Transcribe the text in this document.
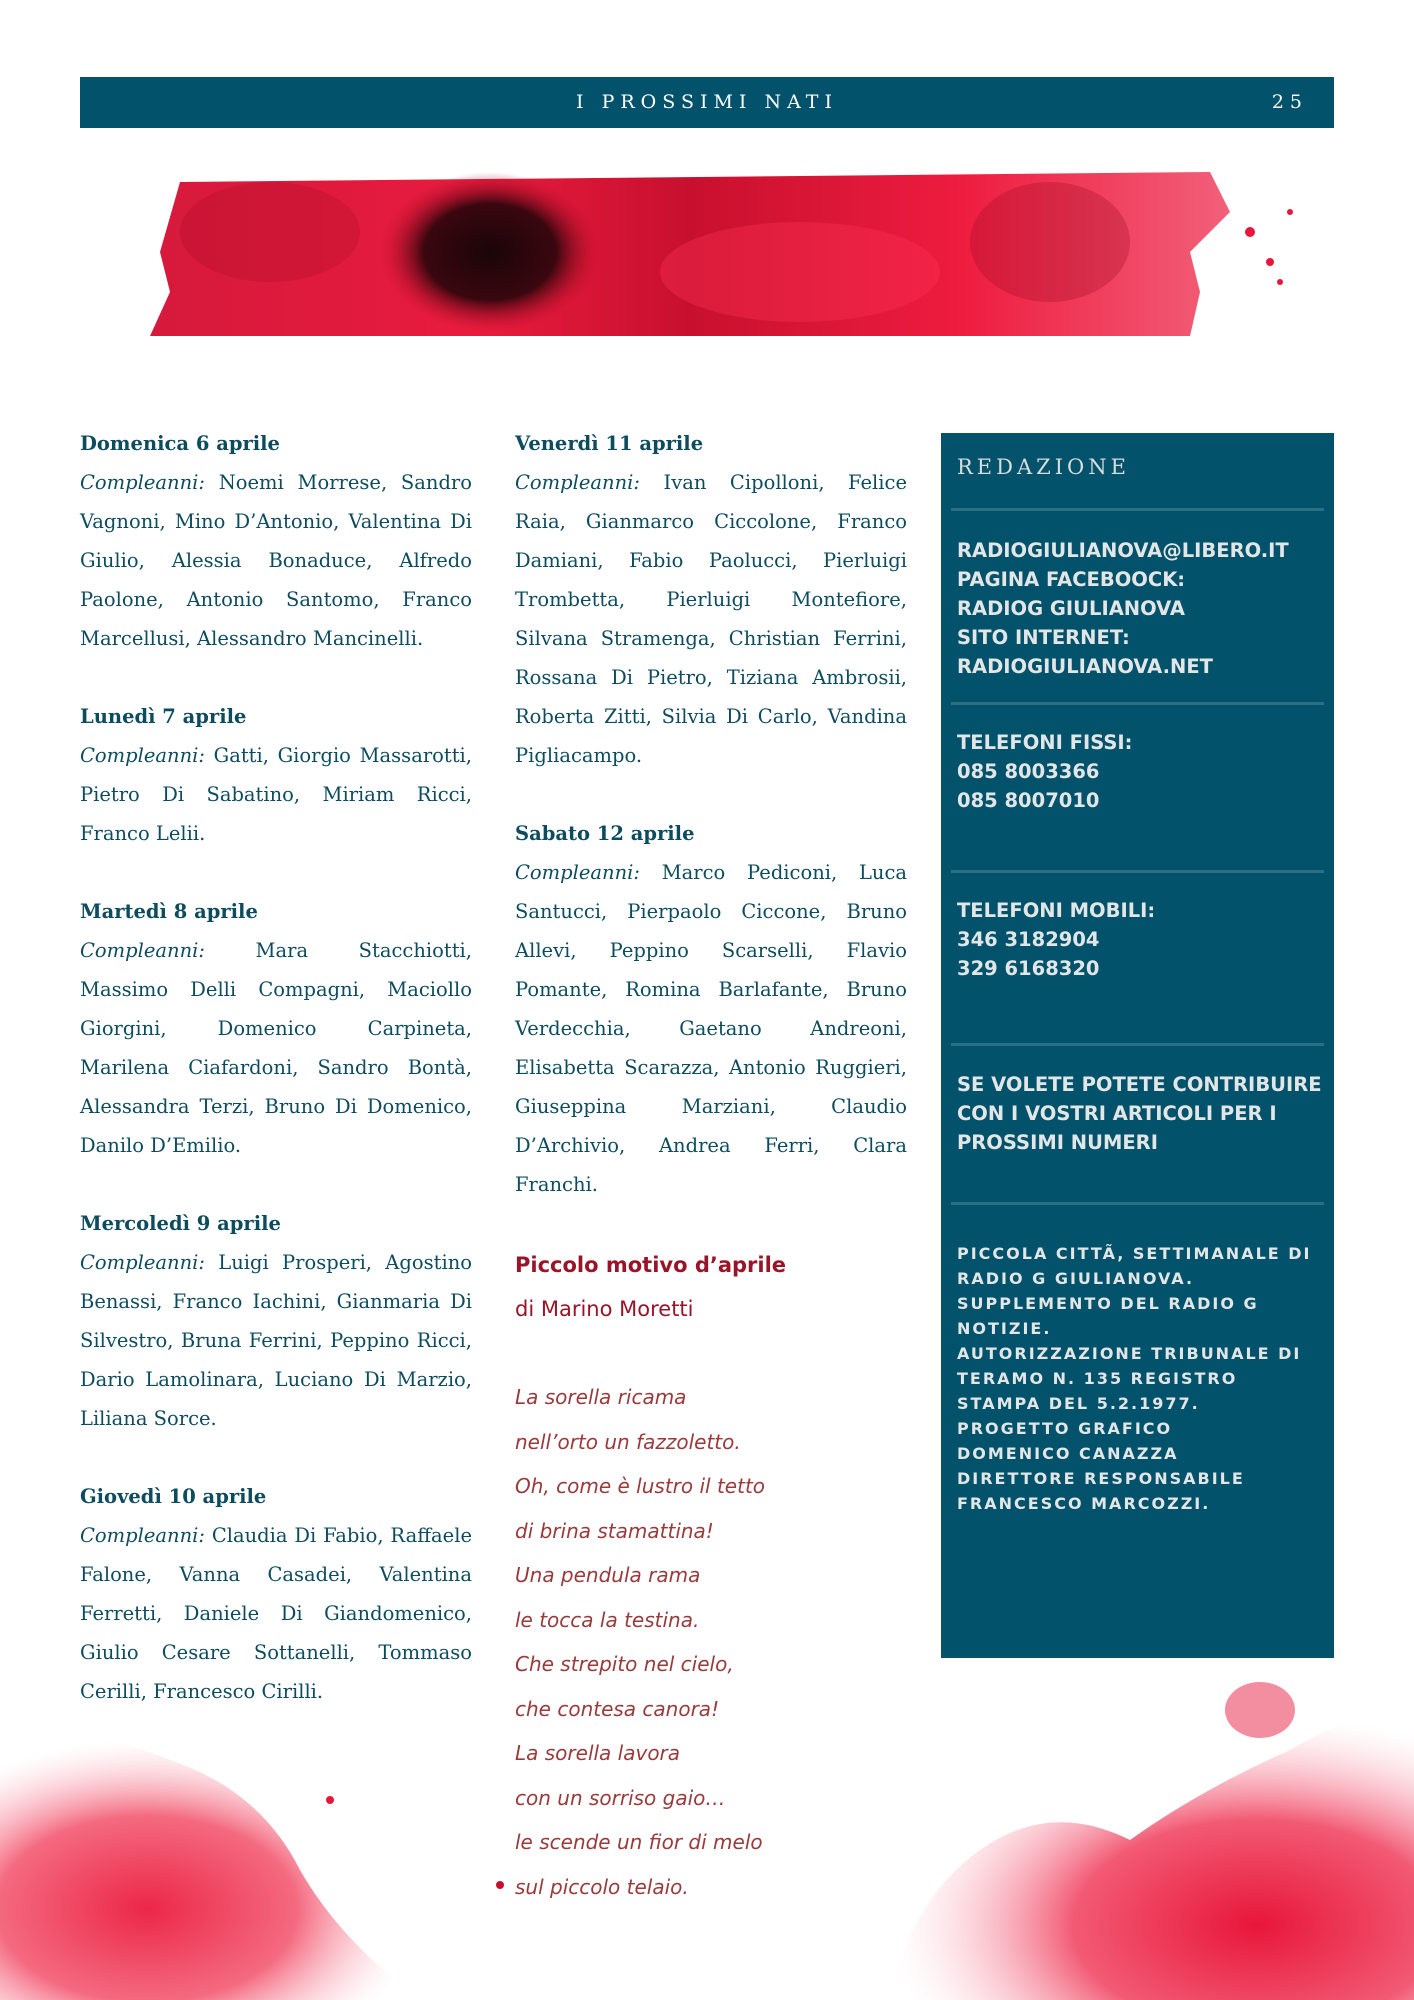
I PROSSIMI NATI	25
Domenica 6 aprile

Compleanni: Noemi Morrese, Sandro Vagnoni, Mino D’Antonio, Valentina Di Giulio, Alessia Bonaduce, Alfredo Paolone, Antonio Santomo, Franco Marcellusi, Alessandro Mancinelli.

Lunedì 7 aprile

Compleanni: Gatti, Giorgio Massarotti, Pietro Di Sabatino, Miriam Ricci, Franco Lelii.

Martedì 8 aprile

Compleanni: Mara Stacchiotti, Massimo Delli Compagni, Maciollo Giorgini, Domenico Carpineta, Marilena Ciafardoni, Sandro Bontà, Alessandra Terzi, Bruno Di Domenico, Danilo D’Emilio.

Mercoledì 9 aprile

Compleanni: Luigi Prosperi, Agostino Benassi, Franco Iachini, Gianmaria Di Silvestro, Bruna Ferrini, Peppino Ricci, Dario Lamolinara, Luciano Di Marzio, Liliana Sorce.

Giovedì 10 aprile

Compleanni: Claudia Di Fabio, Raffaele Falone, Vanna Casadei, Valentina Ferretti, Daniele Di Giandomenico, Giulio Cesare Sottanelli, Tommaso Cerilli, Francesco Cirilli.

Venerdì 11 aprile

Compleanni: Ivan Cipolloni, Felice Raia, Gianmarco Ciccolone, Franco Damiani, Fabio Paolucci, Pierluigi Trombetta, Pierluigi Montefiore, Silvana Stramenga, Christian Ferrini, Rossana Di Pietro, Tiziana Ambrosii, Roberta Zitti, Silvia Di Carlo, Vandina Pigliacampo.

Sabato 12 aprile

Compleanni: Marco Pediconi, Luca Santucci, Pierpaolo Ciccone, Bruno Allevi, Peppino Scarselli, Flavio Pomante, Romina Barlafante, Bruno Verdecchia, Gaetano Andreoni, Elisabetta Scarazza, Antonio Ruggieri, Giuseppina Marziani, Claudio D’Archivio, Andrea Ferri, Clara Franchi.

Piccolo motivo d’aprile
di Marino Moretti
La sorella ricama
nell’orto un fazzoletto.
Oh, come è lustro il tetto
di brina stamattina!
Una pendula rama
le tocca la testina.
Che strepito nel cielo,
che contesa canora!
La sorella lavora
con un sorriso gaio…
le scende un fior di melo
sul piccolo telaio.
REDAZIONE
RADIOGIULIANOVA@LIBERO.IT
PAGINA FACEBOOCK:
RADIOG GIULIANOVA
SITO INTERNET:
RADIOGIULIANOVA.NET
TELEFONI FISSI:
085 8003366
085 8007010
TELEFONI MOBILI:
346 3182904
329 6168320
SE VOLETE POTETE CONTRIBUIRE CON I VOSTRI ARTICOLI PER I PROSSIMI NUMERI
PICCOLA CITTÃ, SETTIMANALE DI
RADIO G GIULIANOVA.
SUPPLEMENTO DEL RADIO G
NOTIZIE.
AUTORIZZAZIONE TRIBUNALE DI
TERAMO N. 135 REGISTRO
STAMPA DEL 5.2.1977.
PROGETTO GRAFICO
DOMENICO CANAZZA
DIRETTORE RESPONSABILE
FRANCESCO MARCOZZI.
